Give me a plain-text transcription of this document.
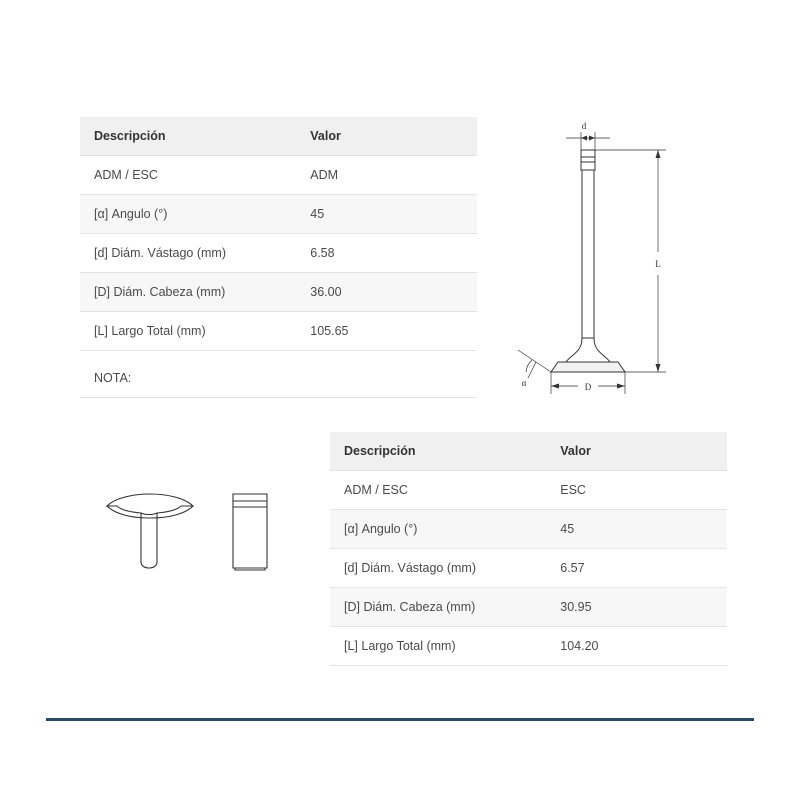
Descripción	Valor
ADM / ESC	ADM
[α] Angulo (°)	45
[d] Diám. Vástago (mm)	6.58
[D] Diám. Cabeza (mm)	36.00
[L] Largo Total (mm)	105.65
NOTA:
Descripción	Valor
ADM / ESC	ESC
[α] Angulo (°)	45
[d] Diám. Vástago (mm)	6.57
[D] Diám. Cabeza (mm)	30.95
[L] Largo Total (mm)	104.20
d
L
D
α
